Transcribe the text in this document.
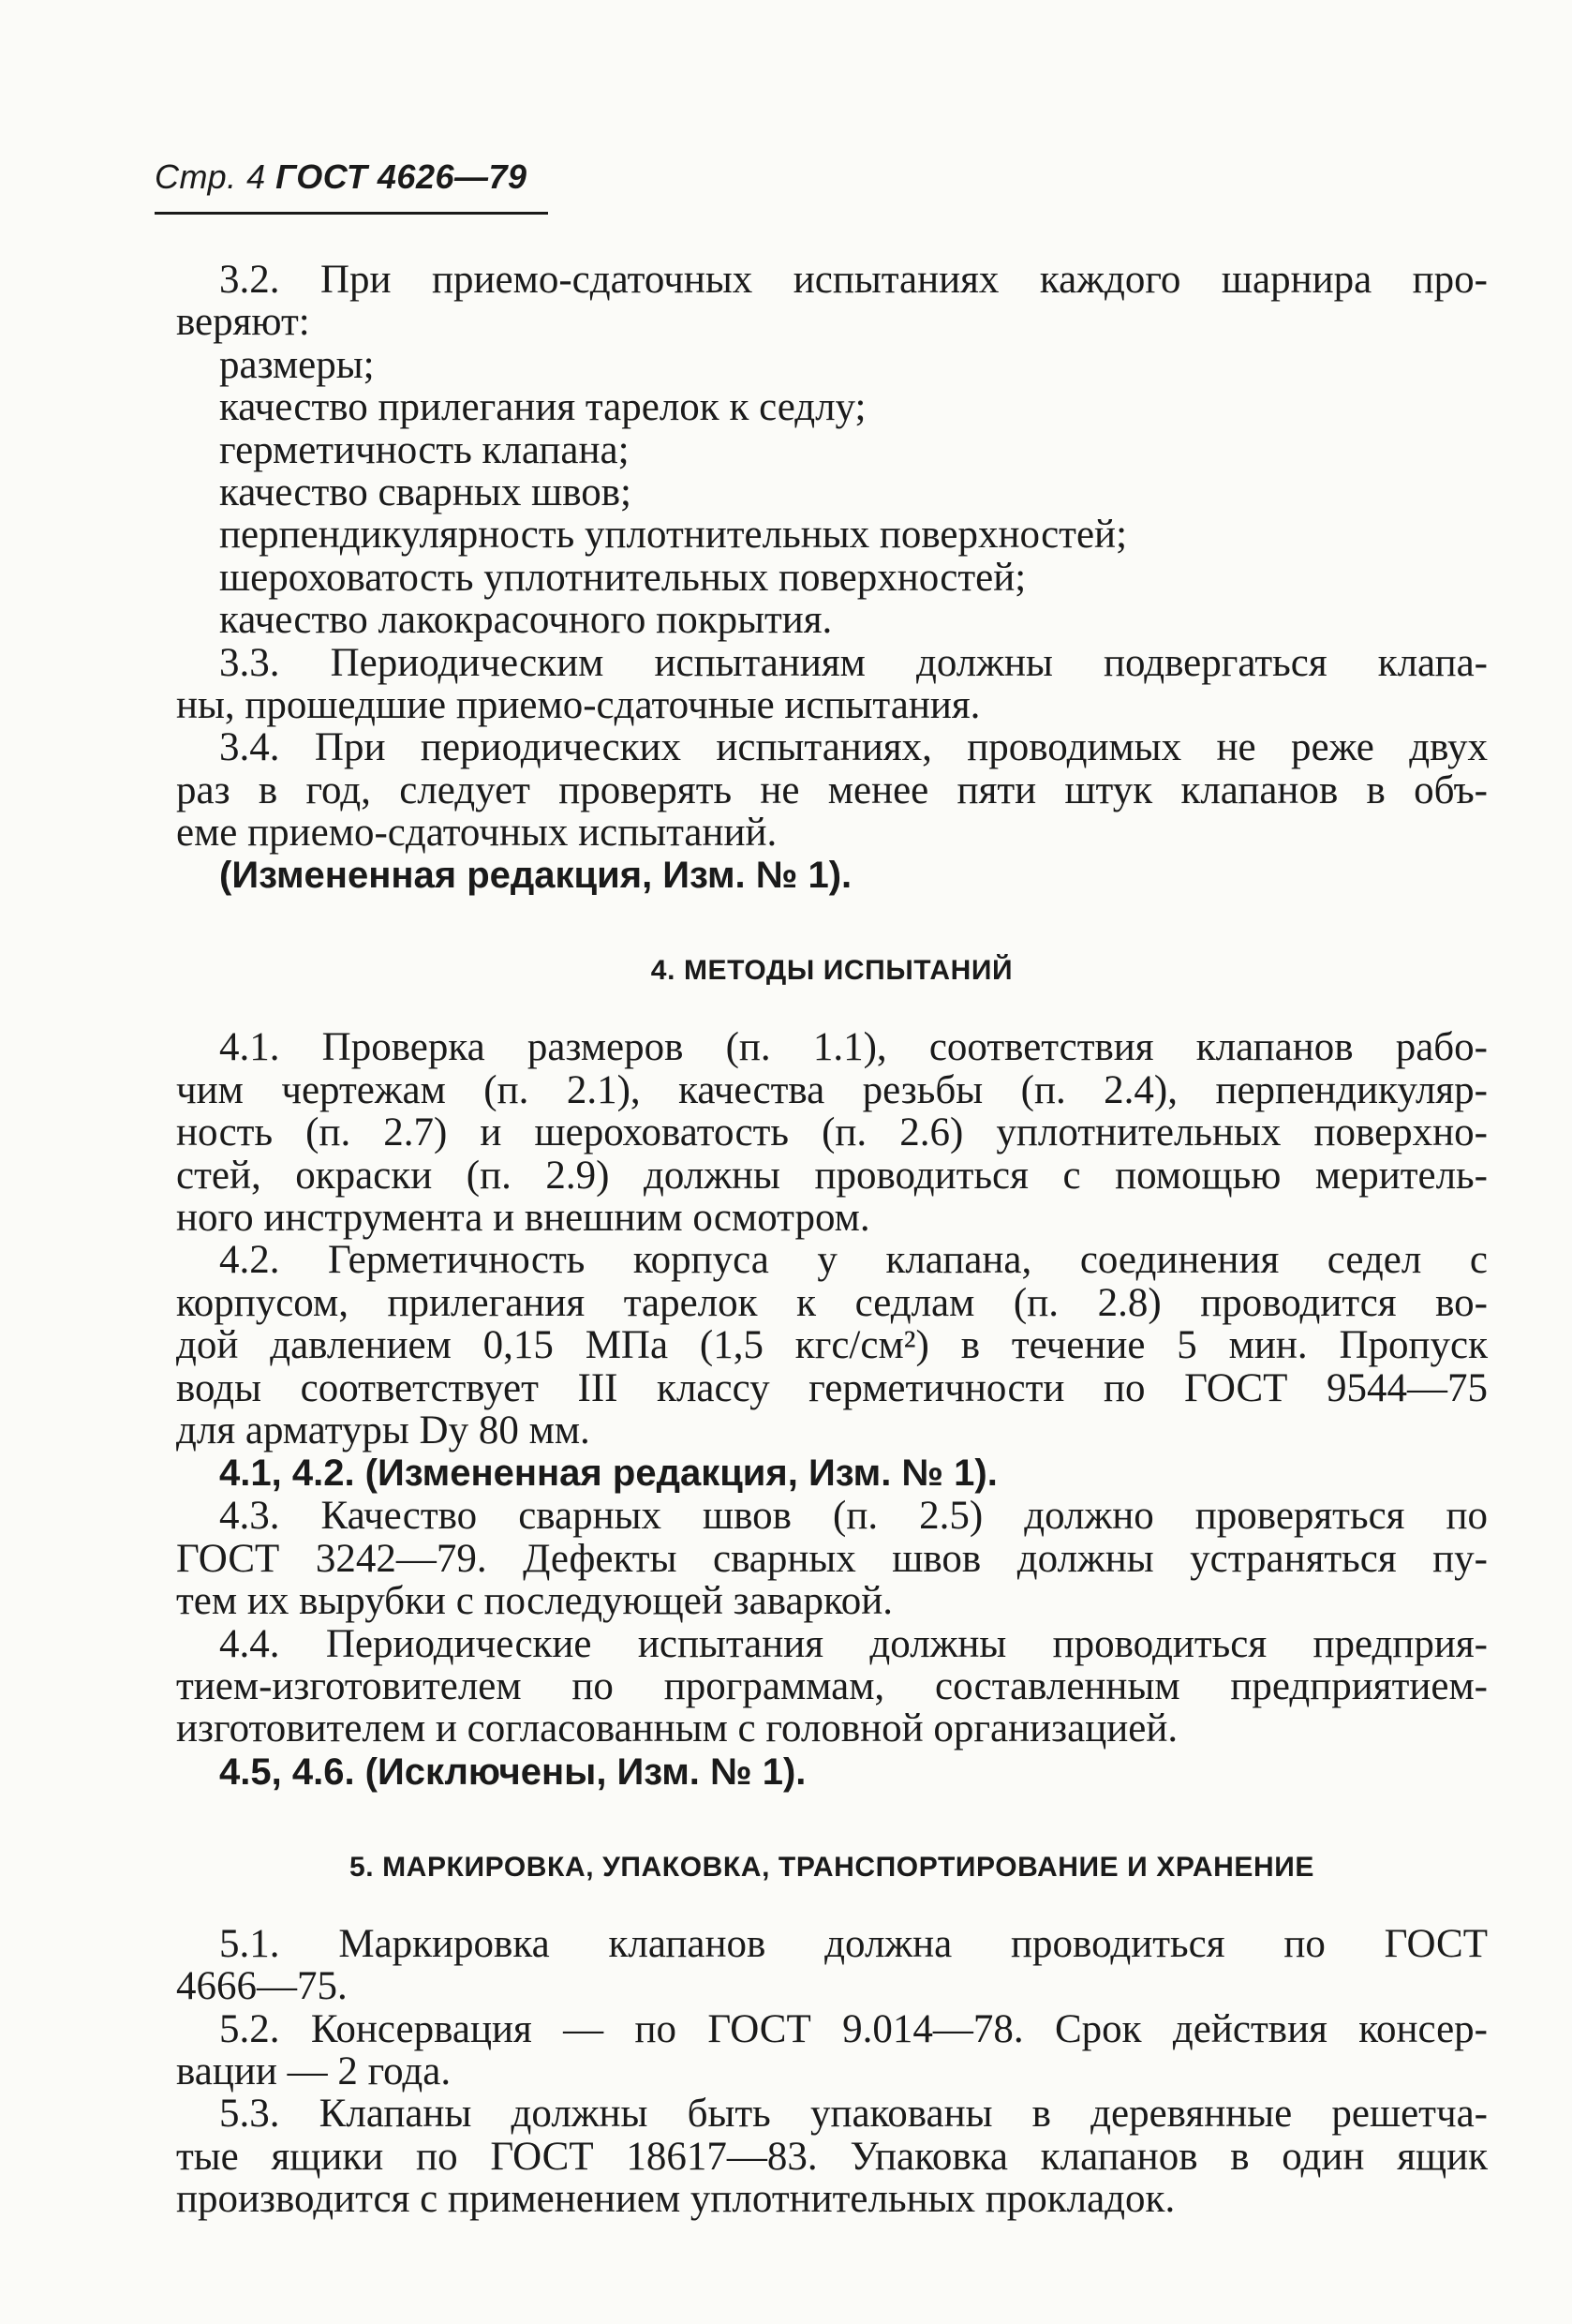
Стр. 4 ГОСТ 4626—79
3.2. При приемо-сдаточных испытаниях каждого шарнира про-
веряют:
размеры;
качество прилегания тарелок к седлу;
герметичность клапана;
качество сварных швов;
перпендикулярность уплотнительных поверхностей;
шероховатость уплотнительных поверхностей;
качество лакокрасочного покрытия.
3.3. Периодическим испытаниям должны подвергаться клапа-
ны, прошедшие приемо-сдаточные испытания.
3.4. При периодических испытаниях, проводимых не реже двух
раз в год, следует проверять не менее пяти штук клапанов в объ-
еме приемо-сдаточных испытаний.
(Измененная редакция, Изм. № 1).
4. МЕТОДЫ ИСПЫТАНИЙ
4.1. Проверка размеров (п. 1.1), соответствия клапанов рабо-
чим чертежам (п. 2.1), качества резьбы (п. 2.4), перпендикуляр-
ность (п. 2.7) и шероховатость (п. 2.6) уплотнительных поверхно-
стей, окраски (п. 2.9) должны проводиться с помощью меритель-
ного инструмента и внешним осмотром.
4.2. Герметичность корпуса у клапана, соединения седел с
корпусом, прилегания тарелок к седлам (п. 2.8) проводится во-
дой давлением 0,15 МПа (1,5 кгс/см²) в течение 5 мин. Пропуск
воды соответствует III классу герметичности по ГОСТ 9544—75
для арматуры Dу 80 мм.
4.1, 4.2. (Измененная редакция, Изм. № 1).
4.3. Качество сварных швов (п. 2.5) должно проверяться по
ГОСТ 3242—79. Дефекты сварных швов должны устраняться пу-
тем их вырубки с последующей заваркой.
4.4. Периодические испытания должны проводиться предприя-
тием-изготовителем по программам, составленным предприятием-
изготовителем и согласованным с головной организацией.
4.5, 4.6. (Исключены, Изм. № 1).
5. МАРКИРОВКА, УПАКОВКА, ТРАНСПОРТИРОВАНИЕ И ХРАНЕНИЕ
5.1. Маркировка клапанов должна проводиться по ГОСТ
4666—75.
5.2. Консервация — по ГОСТ 9.014—78. Срок действия консер-
вации — 2 года.
5.3. Клапаны должны быть упакованы в деревянные решетча-
тые ящики по ГОСТ 18617—83. Упаковка клапанов в один ящик
производится с применением уплотнительных прокладок.
